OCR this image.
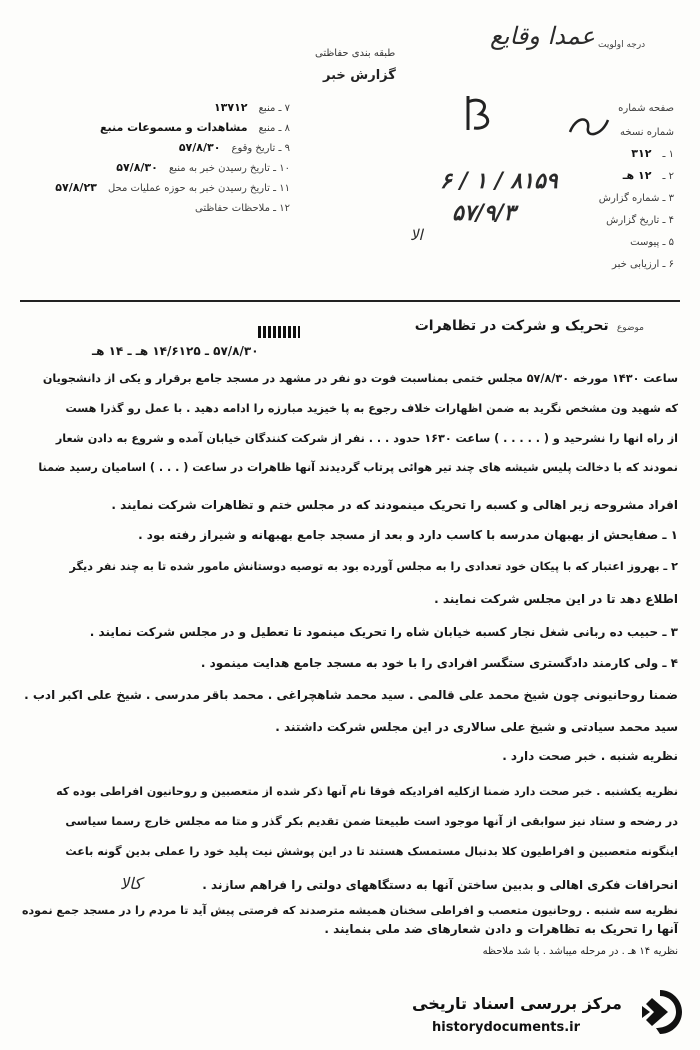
عمدا وقایع درجه اولویت
طبقه بندی حفاظتی
گزارش خبر
صفحه شماره
شماره نسخه
۱ ـ ۳۱۲
۲ ـ ۱۲ هـ
۳ ـ شماره گزارش
۴ ـ تاریخ گزارش
۵ ـ پیوست
۶ ـ ارزیابی خبر
۸۱۵۹ / ۱ / ۶
۵۷/۹/۳
الا
۷ ـ منبع ۱۳۷۱۲
۸ ـ منبع مشاهدات و مسموعات منبع
۹ ـ تاریخ وقوع ۵۷/۸/۳۰
۱۰ ـ تاریخ رسیدن خبر به منبع ۵۷/۸/۳۰
۱۱ ـ تاریخ رسیدن خبر به حوزه عملیات محل ۵۷/۸/۲۳
۱۲ ـ ملاحظات حفاظتی
موضوع تحریک و شرکت در تظاهرات
۵۷/۸/۳۰ ـ ۱۴/۶۱۲۵ هـ ـ ۱۴ هـ
ساعت ۱۴۳۰ مورخه ۵۷/۸/۳۰ مجلس ختمی بمناسبت فوت دو نفر در مشهد در مسجد جامع برقرار و یکی از دانشجویان
که شهید ون مشخص نگرید به ضمن اظهارات خلاف رجوع به پا خیزید مبارزه را ادامه دهید . با عمل رو گذرا هست
از راه انها را نشرحید و ( . . . . . ) ساعت ۱۶۳۰ حدود . . . نفر از شرکت کنندگان خیابان آمده و شروع به دادن شعار
نمودند که با دخالت پلیس شیشه های چند تیر هوائی پرتاب گردیدند آنها ظاهرات در ساعت ( . . . ) اسامیان رسید ضمنا
افراد مشروحه زیر اهالی و کسبه را تحریک مینمودند که در مجلس ختم و تظاهرات شرکت نمایند .
۱ ـ صفایحش از بهبهان مدرسه با کاسب دارد و بعد از مسجد جامع بهبهانه و شیراز رفته بود .
۲ ـ بهروز اعتبار که با پیکان خود تعدادی را به مجلس آورده بود به توصیه دوستانش مامور شده تا به چند نفر دیگر
اطلاع دهد تا در این مجلس شرکت نمایند .
۳ ـ حبیب ده ربانی شغل نجار کسبه خیابان شاه را تحریک مینمود تا تعطیل و در مجلس شرکت نمایند .
۴ ـ ولی کارمند دادگستری ستگسر افرادی را با خود به مسجد جامع هدایت مینمود .
ضمنا روحانیونی چون شیخ محمد علی قالمی . سید محمد شاهچراغی . محمد باقر مدرسی . شیخ علی اکبر ادب .
سید محمد سیادتی و شیخ علی سالاری در این مجلس شرکت داشتند .
نظریه شنبه . خبر صحت دارد .
نظریه یکشنبه . خبر صحت دارد ضمنا ازکلیه افرادیکه فوقا نام آنها ذکر شده از متعصبین و روحانیون افراطی بوده که
در رضحه و ستاد نیز سوابقی از آنها موجود است طبیعتا ضمن تقدیم بکر گذر و متا مه مجلس خارج رسما سیاسی
اینگونه متعصبین و افراطیون کلا بدنبال مستمسک هستند تا در این پوشش نیت پلید خود را عملی بدین گونه باعث
انحرافات فکری اهالی و بدبین ساختن آنها به دستگاههای دولتی را فراهم سازند .
نظریه سه شنبه . روحانیون متعصب و افراطی سخنان همیشه مترصدند که فرصتی پیش آید تا مردم را در مسجد جمع نموده
آنها را تحریک به تظاهرات و دادن شعارهای ضد ملی بنمایند .
نظریه ۱۴ هـ . در مرحله میباشد . با شد ملاحظه
کالا
مرکز بررسی اسناد تاریخی
historydocuments.ir
